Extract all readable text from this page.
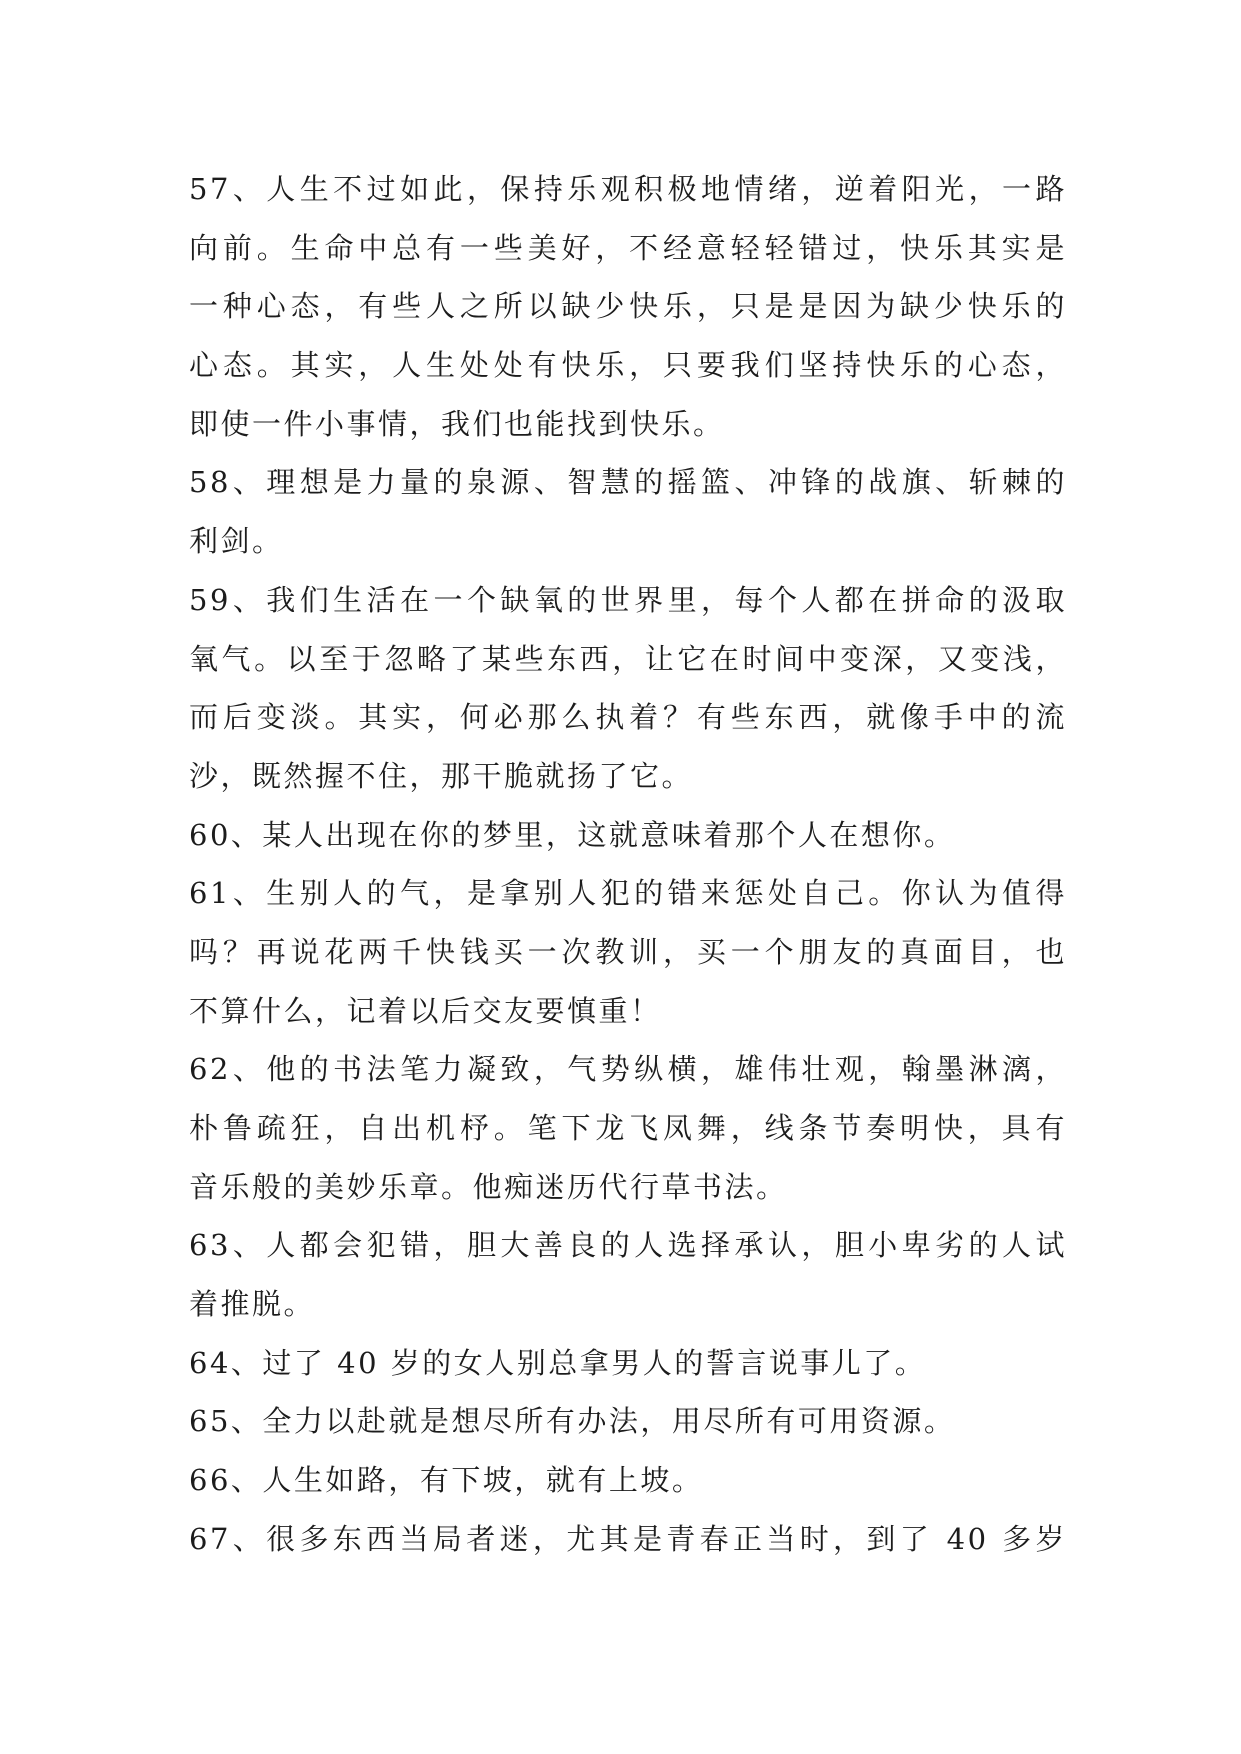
57、人生不过如此，保持乐观积极地情绪，逆着阳光，一路
向前。生命中总有一些美好，不经意轻轻错过，快乐其实是
一种心态，有些人之所以缺少快乐，只是是因为缺少快乐的
心态。其实，人生处处有快乐，只要我们坚持快乐的心态，
即使一件小事情，我们也能找到快乐。
58、理想是力量的泉源、智慧的摇篮、冲锋的战旗、斩棘的
利剑。
59、我们生活在一个缺氧的世界里，每个人都在拼命的汲取
氧气。以至于忽略了某些东西，让它在时间中变深，又变浅，
而后变淡。其实，何必那么执着？有些东西，就像手中的流
沙，既然握不住，那干脆就扬了它。
60、某人出现在你的梦里，这就意味着那个人在想你。
61、生别人的气，是拿别人犯的错来惩处自己。你认为值得
吗？再说花两千快钱买一次教训，买一个朋友的真面目，也
不算什么，记着以后交友要慎重！
62、他的书法笔力凝致，气势纵横，雄伟壮观，翰墨淋漓，
朴鲁疏狂，自出机杼。笔下龙飞凤舞，线条节奏明快，具有
音乐般的美妙乐章。他痴迷历代行草书法。
63、人都会犯错，胆大善良的人选择承认，胆小卑劣的人试
着推脱。
64、过了 40 岁的女人别总拿男人的誓言说事儿了。
65、全力以赴就是想尽所有办法，用尽所有可用资源。
66、人生如路，有下坡，就有上坡。
67、很多东西当局者迷，尤其是青春正当时，到了 40 多岁
